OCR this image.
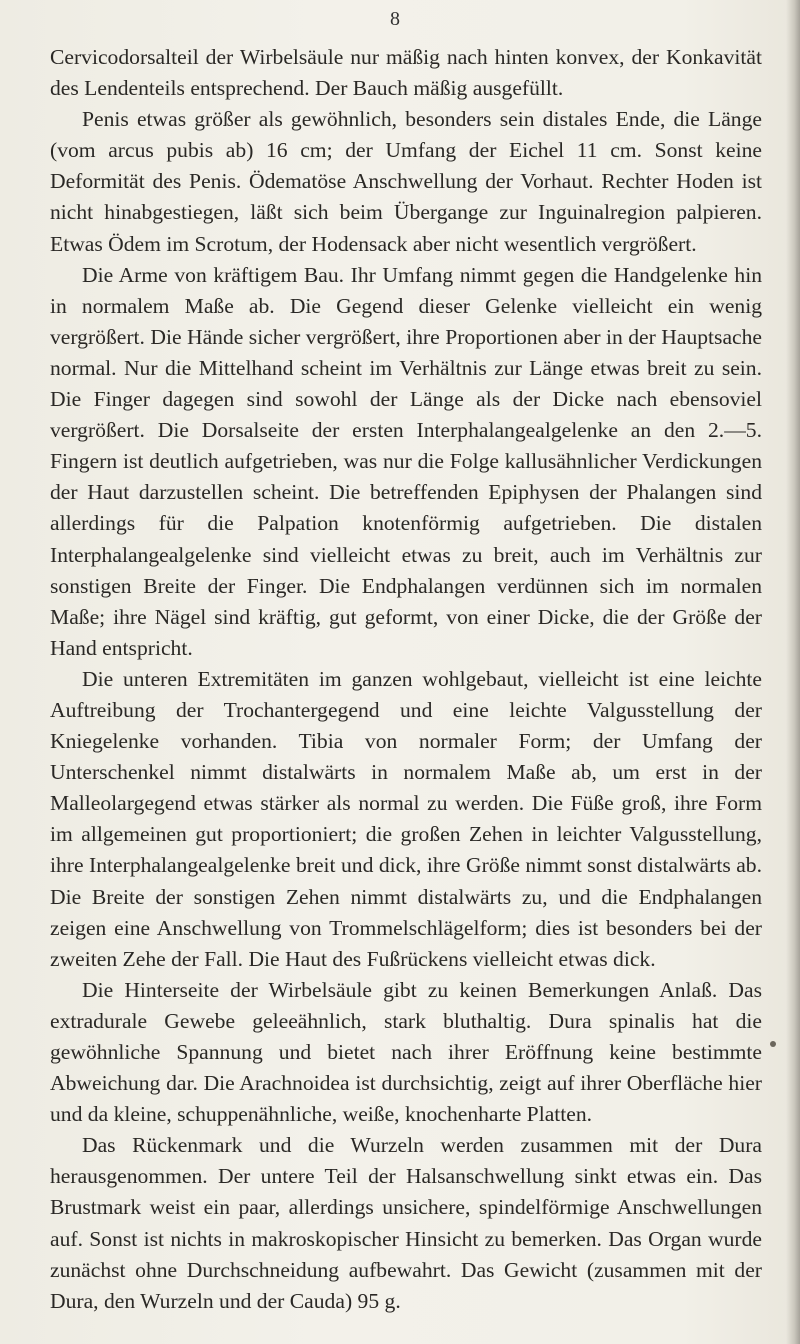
8

Cervicodorsalteil der Wirbelsäule nur mäßig nach hinten konvex, der Konkavität des Lendenteils entsprechend. Der Bauch mäßig ausgefüllt.

Penis etwas größer als gewöhnlich, besonders sein distales Ende, die Länge (vom arcus pubis ab) 16 cm; der Umfang der Eichel 11 cm. Sonst keine Deformität des Penis. Ödematöse Anschwellung der Vorhaut. Rechter Hoden ist nicht hinabgestiegen, läßt sich beim Übergange zur Inguinalregion palpieren. Etwas Ödem im Scrotum, der Hodensack aber nicht wesentlich vergrößert.

Die Arme von kräftigem Bau. Ihr Umfang nimmt gegen die Handgelenke hin in normalem Maße ab. Die Gegend dieser Gelenke vielleicht ein wenig vergrößert. Die Hände sicher vergrößert, ihre Proportionen aber in der Hauptsache normal. Nur die Mittelhand scheint im Verhältnis zur Länge etwas breit zu sein. Die Finger dagegen sind sowohl der Länge als der Dicke nach ebensoviel vergrößert. Die Dorsalseite der ersten Interphalangealgelenke an den 2.—5. Fingern ist deutlich aufgetrieben, was nur die Folge kallusähnlicher Verdickungen der Haut darzustellen scheint. Die betreffenden Epiphysen der Phalangen sind allerdings für die Palpation knotenförmig aufgetrieben. Die distalen Interphalangealgelenke sind vielleicht etwas zu breit, auch im Verhältnis zur sonstigen Breite der Finger. Die Endphalangen verdünnen sich im normalen Maße; ihre Nägel sind kräftig, gut geformt, von einer Dicke, die der Größe der Hand entspricht.

Die unteren Extremitäten im ganzen wohlgebaut, vielleicht ist eine leichte Auftreibung der Trochantergegend und eine leichte Valgusstellung der Kniegelenke vorhanden. Tibia von normaler Form; der Umfang der Unterschenkel nimmt distalwärts in normalem Maße ab, um erst in der Malleolargegend etwas stärker als normal zu werden. Die Füße groß, ihre Form im allgemeinen gut proportioniert; die großen Zehen in leichter Valgusstellung, ihre Interphalangealgelenke breit und dick, ihre Größe nimmt sonst distalwärts ab. Die Breite der sonstigen Zehen nimmt distalwärts zu, und die Endphalangen zeigen eine Anschwellung von Trommelschlägelform; dies ist besonders bei der zweiten Zehe der Fall. Die Haut des Fußrückens vielleicht etwas dick.

Die Hinterseite der Wirbelsäule gibt zu keinen Bemerkungen Anlaß. Das extradurale Gewebe geleeähnlich, stark bluthaltig. Dura spinalis hat die gewöhnliche Spannung und bietet nach ihrer Eröffnung keine bestimmte Abweichung dar. Die Arachnoidea ist durchsichtig, zeigt auf ihrer Oberfläche hier und da kleine, schuppenähnliche, weiße, knochenharte Platten.

Das Rückenmark und die Wurzeln werden zusammen mit der Dura herausgenommen. Der untere Teil der Halsanschwellung sinkt etwas ein. Das Brustmark weist ein paar, allerdings unsichere, spindelförmige Anschwellungen auf. Sonst ist nichts in makroskopischer Hinsicht zu bemerken. Das Organ wurde zunächst ohne Durchschneidung aufbewahrt. Das Gewicht (zusammen mit der Dura, den Wurzeln und der Cauda) 95 g.
